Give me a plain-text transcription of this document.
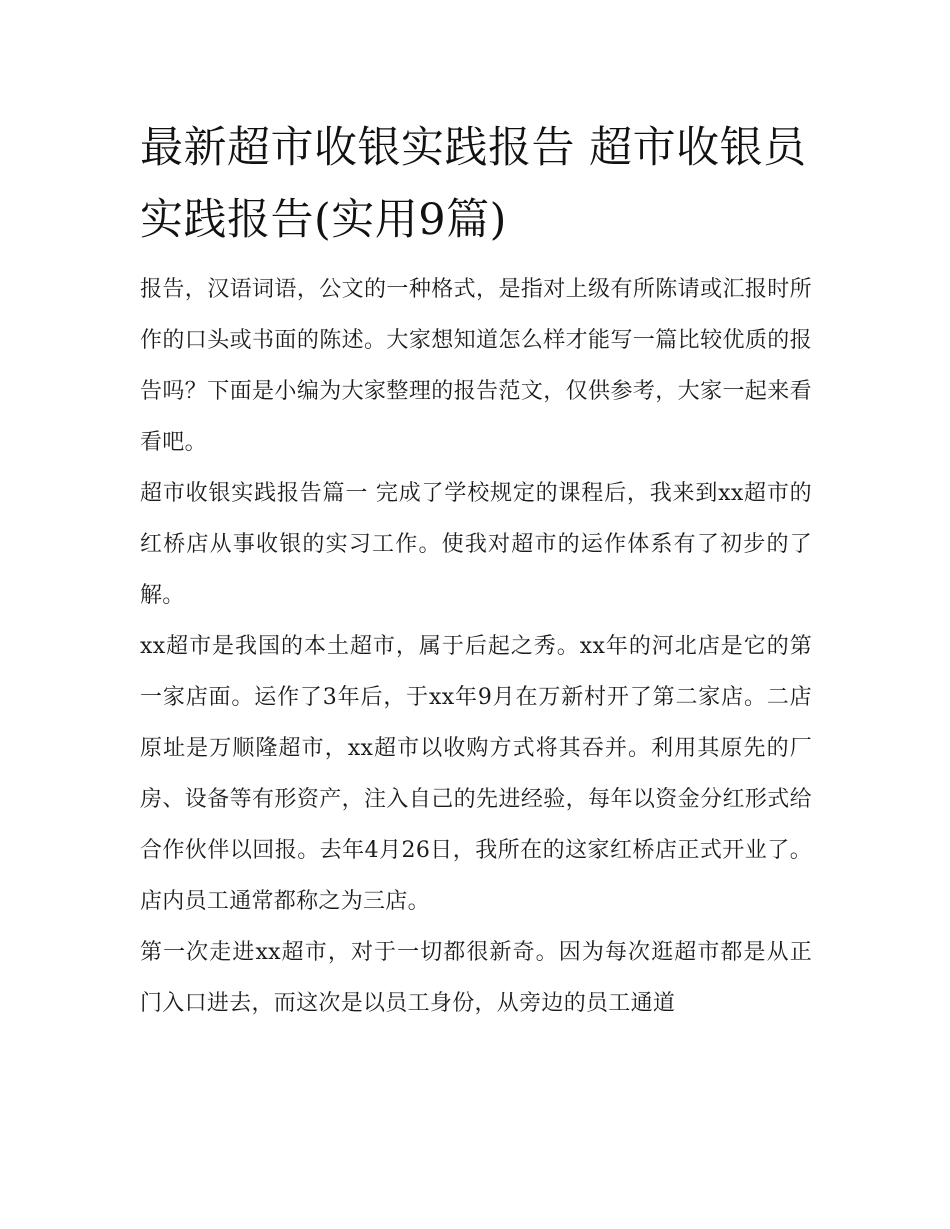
最新超市收银实践报告 超市收银员实践报告(实用9篇)

报告，汉语词语，公文的一种格式，是指对上级有所陈请或汇报时所作的口头或书面的陈述。大家想知道怎么样才能写一篇比较优质的报告吗？下面是小编为大家整理的报告范文，仅供参考，大家一起来看看吧。

超市收银实践报告篇一 完成了学校规定的课程后，我来到xx超市的红桥店从事收银的实习工作。使我对超市的运作体系有了初步的了解。

xx超市是我国的本土超市，属于后起之秀。xx年的河北店是它的第一家店面。运作了3年后，于xx年9月在万新村开了第二家店。二店原址是万顺隆超市，xx超市以收购方式将其吞并。利用其原先的厂房、设备等有形资产，注入自己的先进经验，每年以资金分红形式给合作伙伴以回报。去年4月26日，我所在的这家红桥店正式开业了。店内员工通常都称之为三店。

第一次走进xx超市，对于一切都很新奇。因为每次逛超市都是从正门入口进去，而这次是以员工身份，从旁边的员工通道
